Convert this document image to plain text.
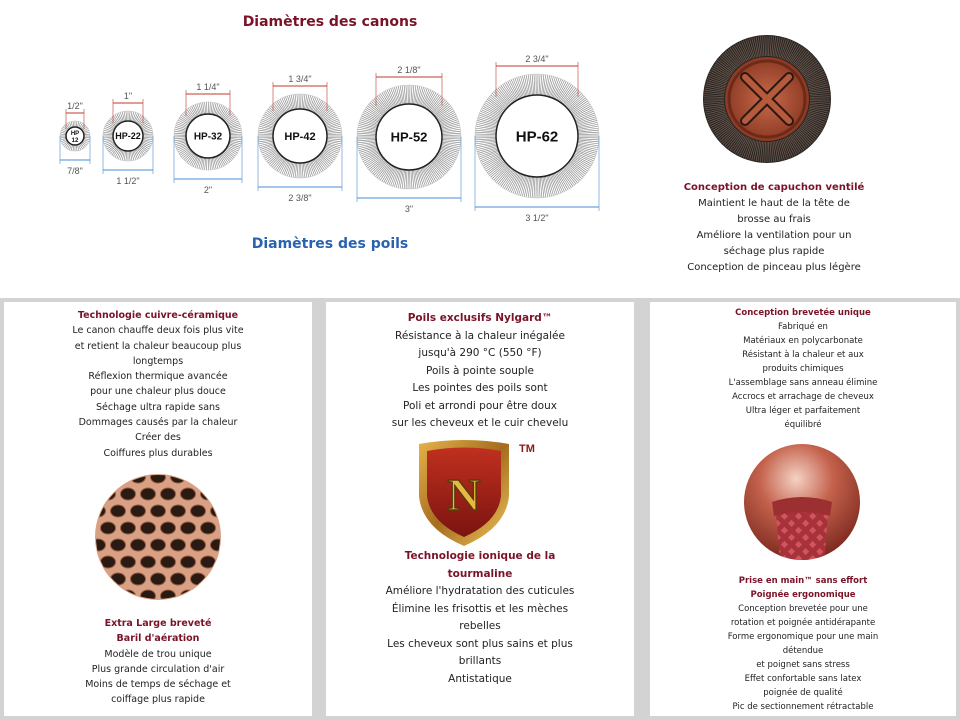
Diamètres des canons
HP
12
1/2"
7/8"
HP-22
1"
1 1/2"
HP-32
1 1/4"
2"
HP-42
1 3/4"
2 3/8"
HP-52
2 1/8"
3"
HP-62
2 3/4"
3 1/2"
Diamètres des poils
Conception de capuchon ventilé
Maintient le haut de la tête de
brosse au frais
Améliore la ventilation pour un
séchage plus rapide
Conception de pinceau plus légère
Technologie cuivre-céramique
Le canon chauffe deux fois plus vite
et retient la chaleur beaucoup plus
longtemps
Réflexion thermique avancée
pour une chaleur plus douce
Séchage ultra rapide sans
Dommages causés par la chaleur
Créer des
Coiffures plus durables
Extra Large breveté
Baril d'aération
Modèle de trou unique
Plus grande circulation d'air
Moins de temps de séchage et
coiffage plus rapide
Poils exclusifs Nylgard™
Résistance à la chaleur inégalée
jusqu'à 290 °C (550 °F)
Poils à pointe souple
Les pointes des poils sont
Poli et arrondi pour être doux
sur les cheveux et le cuir chevelu
N
TM
Technologie ionique de la
tourmaline
Améliore l'hydratation des cuticules
Élimine les frisottis et les mèches
rebelles
Les cheveux sont plus sains et plus
brillants
Antistatique
Conception brevetée unique
Fabriqué en
Matériaux en polycarbonate
Résistant à la chaleur et aux
produits chimiques
L'assemblage sans anneau élimine
Accrocs et arrachage de cheveux
Ultra léger et parfaitement
équilibré
Prise en main™ sans effort
Poignée ergonomique
Conception brevetée pour une
rotation et poignée antidérapante
Forme ergonomique pour une main
détendue
et poignet sans stress
Effet confortable sans latex
poignée de qualité
Pic de sectionnement rétractable
